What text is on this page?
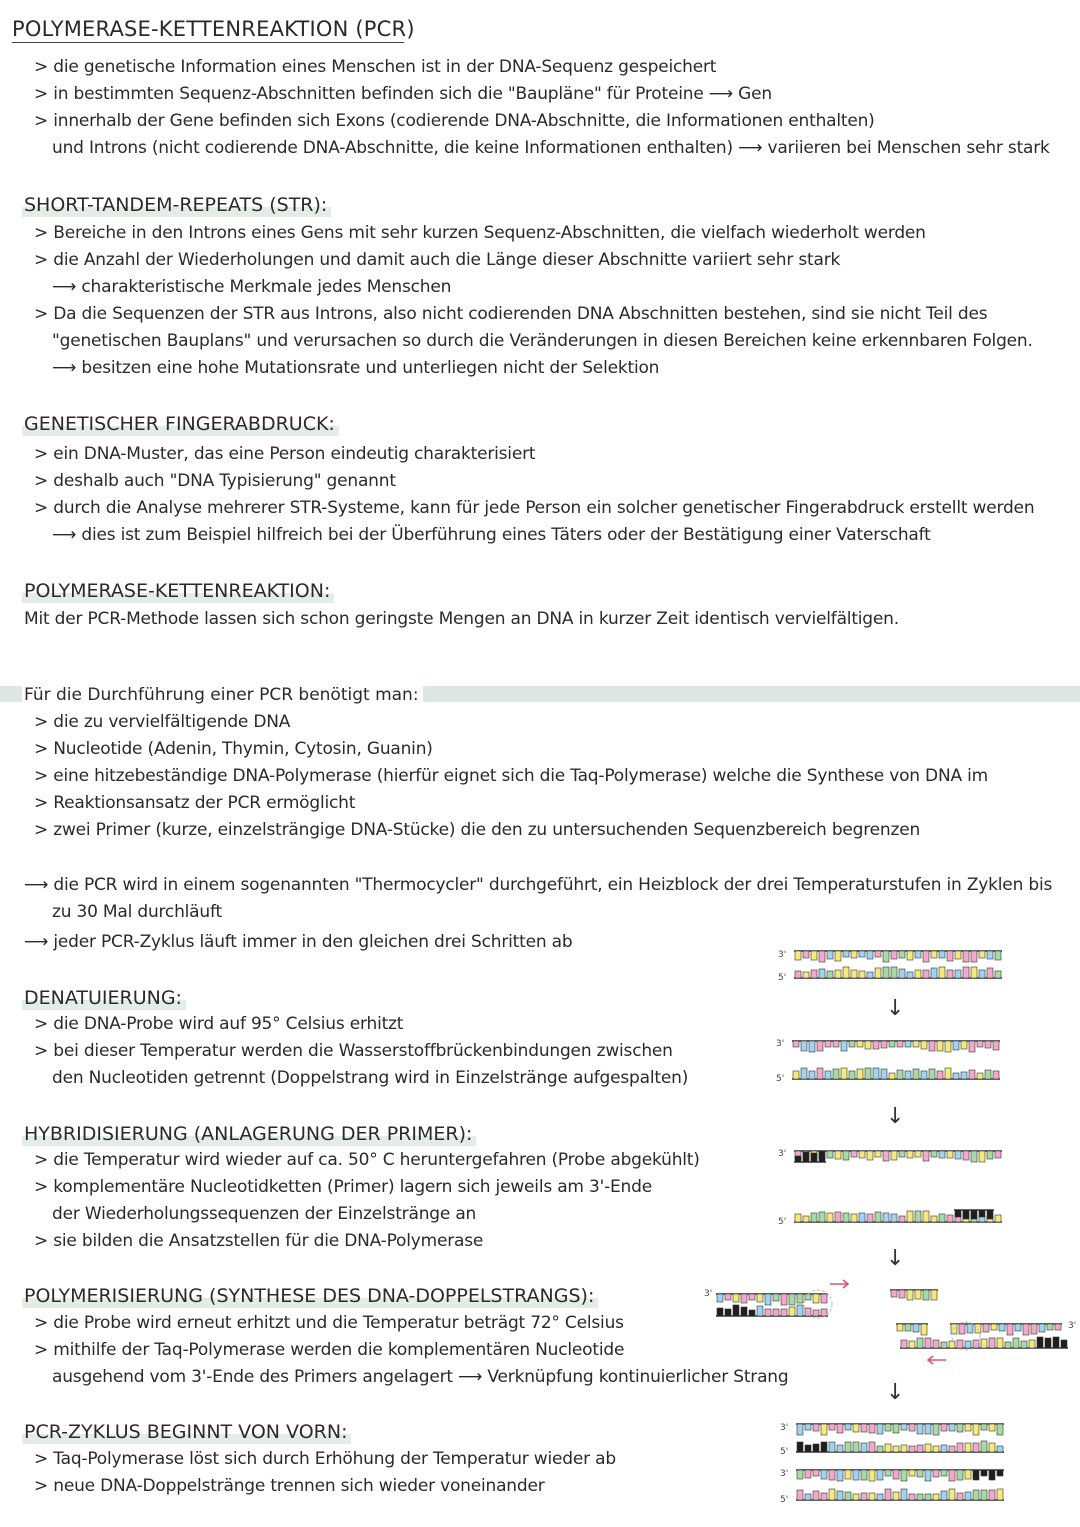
POLYMERASE-KETTENREAKTION (PCR)
> die genetische Information eines Menschen ist in der DNA-Sequenz gespeichert
> in bestimmten Sequenz-Abschnitten befinden sich die "Baupläne" für Proteine ⟶ Gen
> innerhalb der Gene befinden sich Exons (codierende DNA-Abschnitte, die Informationen enthalten)
und Introns (nicht codierende DNA-Abschnitte, die keine Informationen enthalten) ⟶ variieren bei Menschen sehr stark
SHORT-TANDEM-REPEATS (STR):
> Bereiche in den Introns eines Gens mit sehr kurzen Sequenz-Abschnitten, die vielfach wiederholt werden
> die Anzahl der Wiederholungen und damit auch die Länge dieser Abschnitte variiert sehr stark
⟶ charakteristische Merkmale jedes Menschen
> Da die Sequenzen der STR aus Introns, also nicht codierenden DNA Abschnitten bestehen, sind sie nicht Teil des
"genetischen Bauplans" und verursachen so durch die Veränderungen in diesen Bereichen keine erkennbaren Folgen.
⟶ besitzen eine hohe Mutationsrate und unterliegen nicht der Selektion
GENETISCHER FINGERABDRUCK:
> ein DNA-Muster, das eine Person eindeutig charakterisiert
> deshalb auch "DNA Typisierung" genannt
> durch die Analyse mehrerer STR-Systeme, kann für jede Person ein solcher genetischer Fingerabdruck erstellt werden
⟶ dies ist zum Beispiel hilfreich bei der Überführung eines Täters oder der Bestätigung einer Vaterschaft
POLYMERASE-KETTENREAKTION:
Mit der PCR-Methode lassen sich schon geringste Mengen an DNA in kurzer Zeit identisch vervielfältigen.
Für die Durchführung einer PCR benötigt man:
> die zu vervielfältigende DNA
> Nucleotide (Adenin, Thymin, Cytosin, Guanin)
> eine hitzebeständige DNA-Polymerase (hierfür eignet sich die Taq-Polymerase) welche die Synthese von DNA im
> Reaktionsansatz der PCR ermöglicht
> zwei Primer (kurze, einzelsträngige DNA-Stücke) die den zu untersuchenden Sequenzbereich begrenzen
⟶ die PCR wird in einem sogenannten "Thermocycler" durchgeführt, ein Heizblock der drei Temperaturstufen in Zyklen bis
zu 30 Mal durchläuft
⟶ jeder PCR-Zyklus läuft immer in den gleichen drei Schritten ab
DENATUIERUNG:
> die DNA-Probe wird auf 95° Celsius erhitzt
> bei dieser Temperatur werden die Wasserstoffbrückenbindungen zwischen
den Nucleotiden getrennt (Doppelstrang wird in Einzelstränge aufgespalten)
HYBRIDISIERUNG (ANLAGERUNG DER PRIMER):
> die Temperatur wird wieder auf ca. 50° C heruntergefahren (Probe abgekühlt)
> komplementäre Nucleotidketten (Primer) lagern sich jeweils am 3'-Ende
der Wiederholungssequenzen der Einzelstränge an
> sie bilden die Ansatzstellen für die DNA-Polymerase
POLYMERISIERUNG (SYNTHESE DES DNA-DOPPELSTRANGS):
> die Probe wird erneut erhitzt und die Temperatur beträgt 72° Celsius
> mithilfe der Taq-Polymerase werden die komplementären Nucleotide
ausgehend vom 3'-Ende des Primers angelagert ⟶ Verknüpfung kontinuierlicher Strang
PCR-ZYKLUS BEGINNT VON VORN:
> Taq-Polymerase löst sich durch Erhöhung der Temperatur wieder ab
> neue DNA-Doppelstränge trennen sich wieder voneinander
3'
5'
↓
3'
5'
↓
3'
5'
↓
3'
3'
↓
3'
5'
3'
5'
